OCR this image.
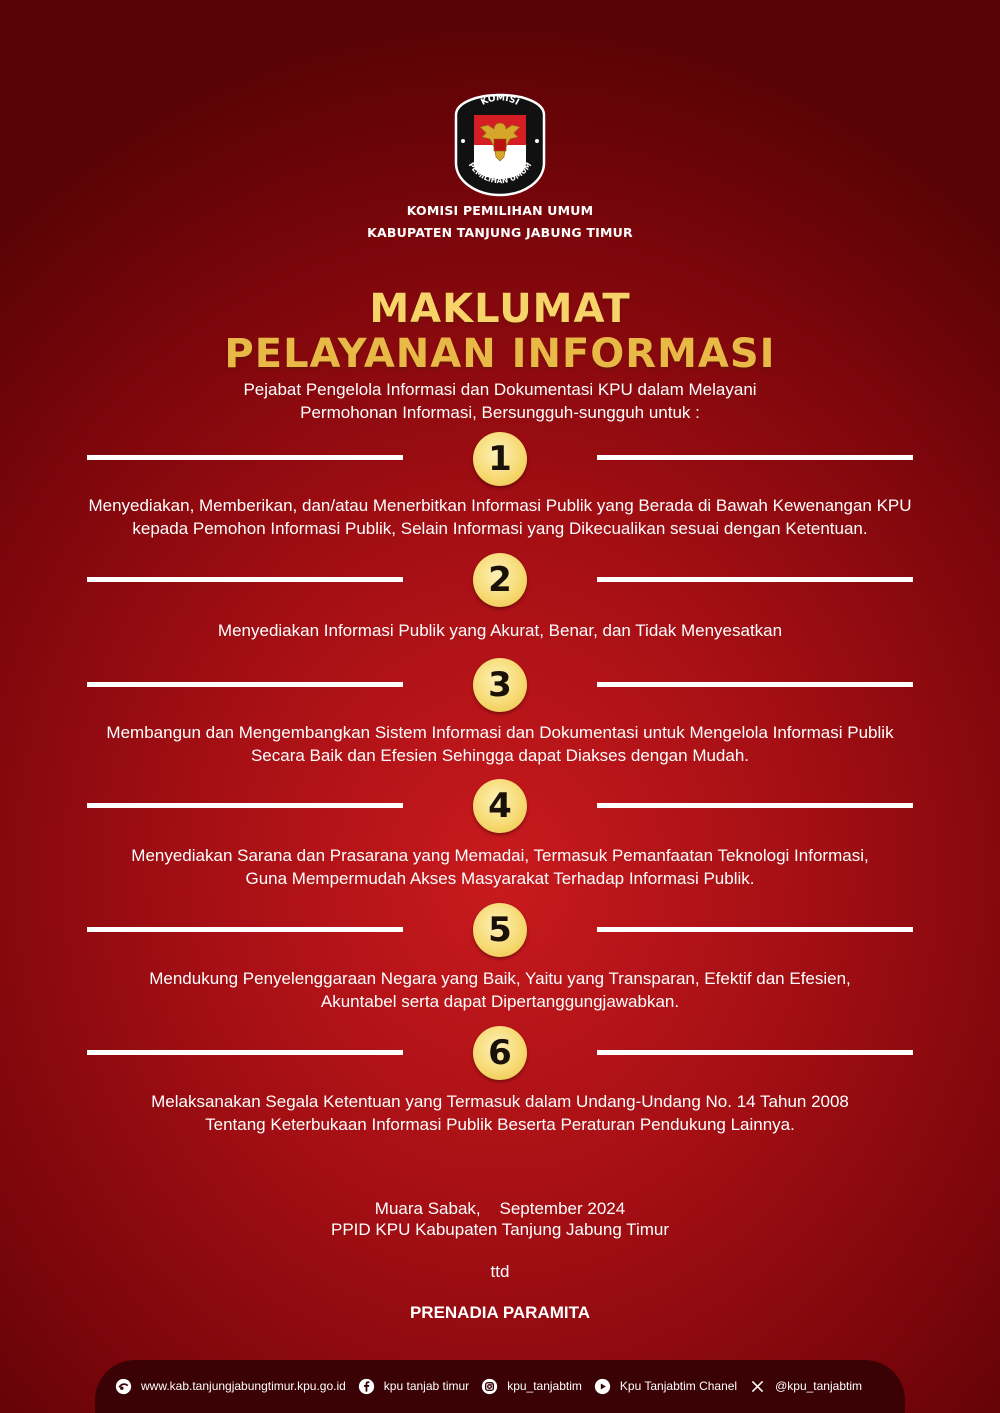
KOMISI
PEMILIHAN UMUM
KOMISI PEMILIHAN UMUM
KABUPATEN TANJUNG JABUNG TIMUR
MAKLUMAT
PELAYANAN INFORMASI
Pejabat Pengelola Informasi dan Dokumentasi KPU dalam Melayani
Permohonan Informasi, Bersungguh-sungguh untuk :
1
Menyediakan, Memberikan, dan/atau Menerbitkan Informasi Publik yang Berada di Bawah Kewenangan KPU
kepada Pemohon Informasi Publik, Selain Informasi yang Dikecualikan sesuai dengan Ketentuan.
2
Menyediakan Informasi Publik yang Akurat, Benar, dan Tidak Menyesatkan
3
Membangun dan Mengembangkan Sistem Informasi dan Dokumentasi untuk Mengelola Informasi Publik
Secara Baik dan Efesien Sehingga dapat Diakses dengan Mudah.
4
Menyediakan Sarana dan Prasarana yang Memadai, Termasuk Pemanfaatan Teknologi Informasi,
Guna Mempermudah Akses Masyarakat Terhadap Informasi Publik.
5
Mendukung Penyelenggaraan Negara yang Baik, Yaitu yang Transparan, Efektif dan Efesien,
Akuntabel serta dapat Dipertanggungjawabkan.
6
Melaksanakan Segala Ketentuan yang Termasuk dalam Undang-Undang No. 14 Tahun 2008
Tentang Keterbukaan Informasi Publik Beserta Peraturan Pendukung Lainnya.
Muara Sabak,    September 2024
PPID KPU Kabupaten Tanjung Jabung Timur
ttd
PRENADIA PARAMITA
www.kab.tanjungjabungtimur.kpu.go.id	kpu tanjab timur	kpu_tanjabtim	Kpu Tanjabtim Chanel	@kpu_tanjabtim
